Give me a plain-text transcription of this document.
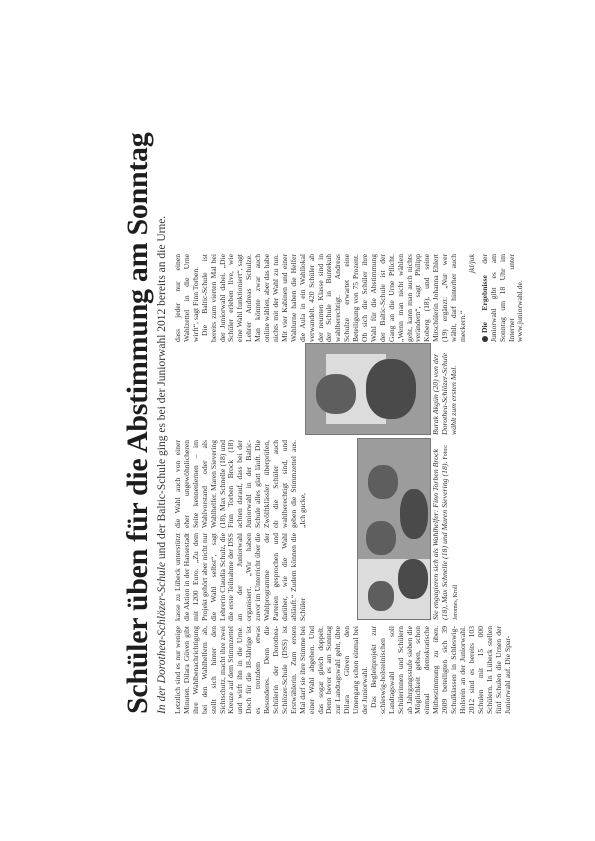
Schüler üben für die Abstimmung am Sonntag In der Dorothea-Schlözer-Schule und der Baltic-Schule ging es bei der Juniorwahl 2012 bereits an die Urne.

Letztlich sind es nur wenige Minuten. Dilara Güven gibt ihre Wahlbenachrichtigung bei den Wahlhelfern ab, stellt sich hinter den Sichtschutz, macht ihre zwei Kreuze auf dem Stimmzettel und wirft ihn in die Urne. Doch für die 18-Jährige ist es trotzdem etwas Besonderes. Denn die Schülerin der Dorothea-Schlözer-Schule (DSS) ist Erstwählerin. Zum ersten Mal darf sie ihre Stimme bei einer Wahl abgeben. Und das sogar gleich doppelt. Denn bevor es am Sonntag zur Landtagswahl geht, übte Dilara Güven den Umengang schon einmal bei der Juniorwahl. Das Begleitprojekt zur schleswig-holsteinischen Landtagswahl soll Schülerinnen und Schülern ab Jahrgangsstufe sieben die Möglichkeit geben, schon einmal demokratische Mitbestimmung zu üben. 2009 beteiligten sich 39 Schulklassen in Schleswig-Holstein an der Juniorwahl. 2012 sind es bereits 103 Schulen mit 15 000 Schülern. In Lübeck stellen fünf Schulen die Urnen der Juniorwahl auf. Die Spar-

kasse zu Lübeck unterstützt die Aktion in der Hansestadt mit 1200 Euro. „Zu dem Projekt gehört aber nicht nur die Wahl selbst“, sagt Lehrerin Claudia Schulz, die die erste Teilnahme der DSS an der Juniorwahl organisiert. „Wir haben zuvor im Unterricht über die Wahlprogramme der Parteien gesprochen und darüber, wie die Wahl abläuft.“ Zudem können die Schüler

die Wahl auch von einer eher ungewöhnlicheren Seite kennenlernen – im Wahlvorstand oder als Wahlhelfer. Maren Sievering (18), Max Schnelle (18) und Finn Torben Brock (18) achten darauf, dass bei der Juniorwahl in der Baltic-Schule alles glatt läuft. Die Zwölftklässler überprüfen, ob die Schüler auch wahlberechtigt sind, und geben die Stimmzettel aus. „Ich gucke,

dass jeder nur einen Wahlzettel in die Urne wirft“, sagt Finn Torben. Die Baltic-Schule ist bereits zum vierten Mal bei der Juniorwahl dabei. „Die Schüler erleben live, wie eine Wahl funktioniert“, sagt Lehrer Andreas Schulze. Man könnte zwar auch online wählen, aber das habe nichts mit der Wahl zu tun. Mit vier Kabinen und einer Wahlurne haben die Helfer die Aula in ein Wahllokal verwandelt. 420 Schüler ab der neunten Klasse sind in der Schule in Buntekuh wahlberechtigt. Andreas Schulze erwartet eine Beteiligung von 75 Prozent. Ob sich die Schüler ihre Wahl für die Abstimmung der Baltic-Schule ist der Gang an die Urne Pflicht. „Wenn man nicht wählen geht, kann man auch nichts verändern“, sagt Philipp Koberg (18), und seine Mitschülerin Johanna Ehlert (19) ergänzt: „Nur wer wählt, darf hinterher auch meckern.“

jkl/juk
Die Ergebnisse der Juniorwahl gibt es am Sonntag um 18 Uhr im Internet unter www.juniorwahl.de.
Sie engagieren sich als Wahlhelfer: Finn Torben Brock (18), Max Schnelle (18) und Maren Sievering (18). Fotos: Jeromes, Kroll
Burak Akgün (20) von der Dorothea-Schlözer-Schule wählt zum ersten Mal.
